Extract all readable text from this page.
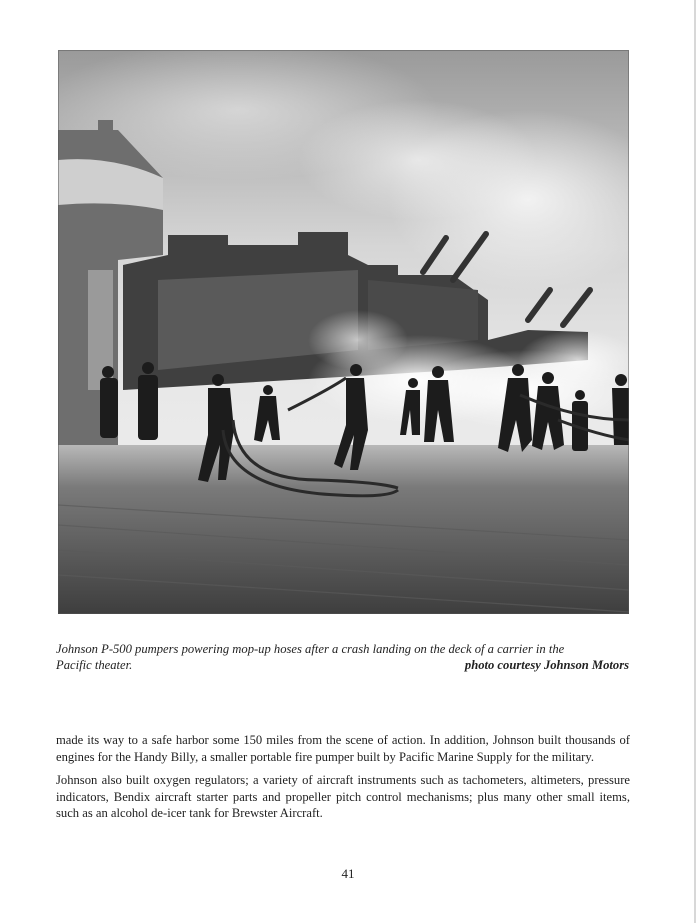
Johnson P-500 pumpers powering mop-up hoses after a crash landing on the deck of a carrier in the
Pacific theater.	photo courtesy Johnson Motors

made its way to a safe harbor some 150 miles from the scene of action. In addition, Johnson built thousands of engines for the Handy Billy, a smaller portable fire pumper built by Pacific Marine Supply for the military.

Johnson also built oxygen regulators; a variety of aircraft instruments such as tachometers, altimeters, pressure indicators, Bendix aircraft starter parts and propeller pitch control mechanisms; plus many other small items, such as an alcohol de-icer tank for Brewster Aircraft.

41
